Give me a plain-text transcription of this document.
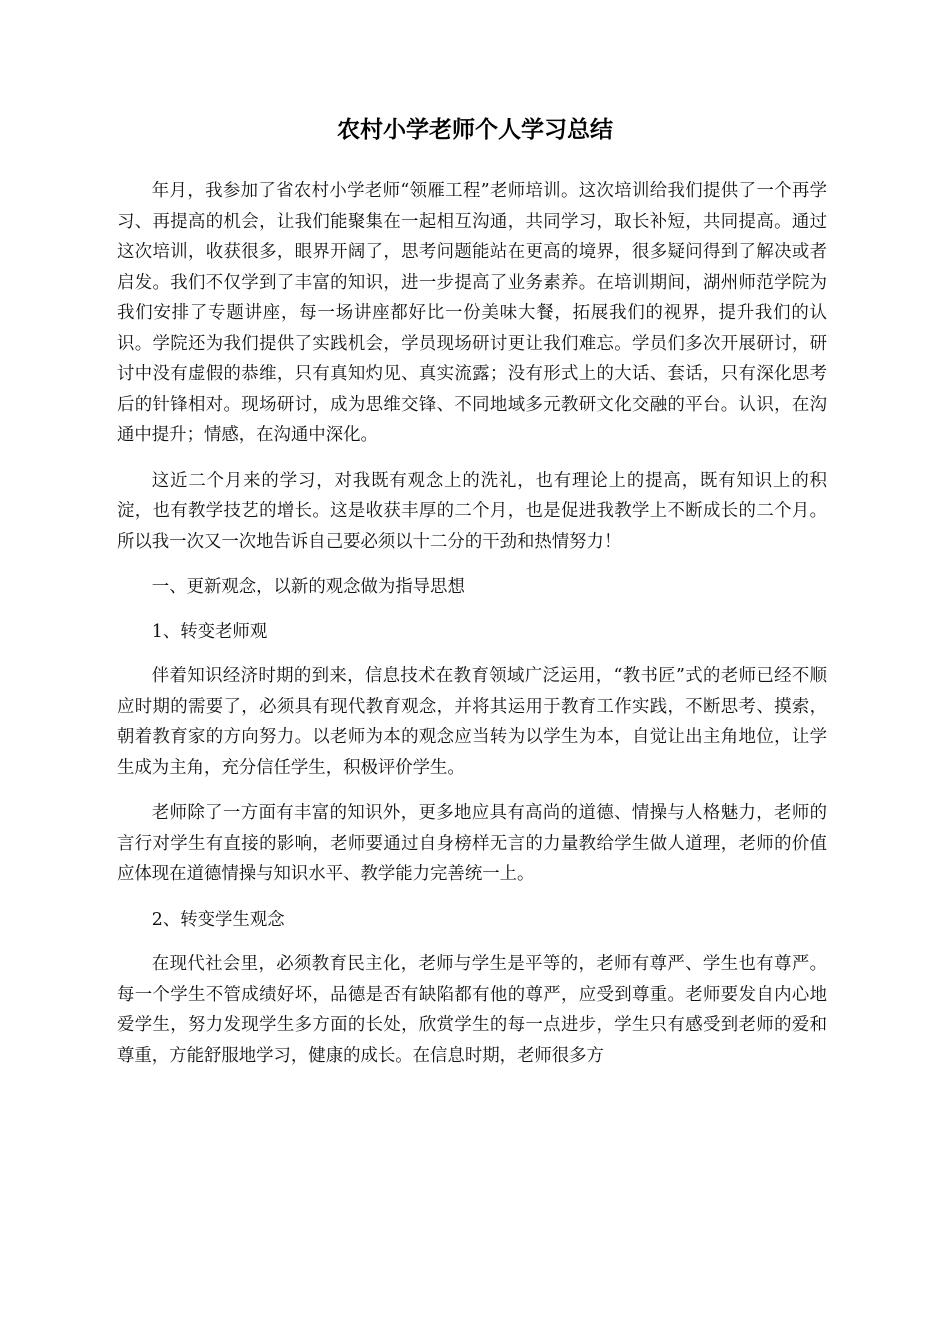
农村小学老师个人学习总结

年月，我参加了省农村小学老师“领雁工程”老师培训。这次培训给我们提供了一个再学习、再提高的机会，让我们能聚集在一起相互沟通，共同学习，取长补短，共同提高。通过这次培训，收获很多，眼界开阔了，思考问题能站在更高的境界，很多疑问得到了解决或者启发。我们不仅学到了丰富的知识，进一步提高了业务素养。在培训期间，湖州师范学院为我们安排了专题讲座，每一场讲座都好比一份美味大餐，拓展我们的视界，提升我们的认识。学院还为我们提供了实践机会，学员现场研讨更让我们难忘。学员们多次开展研讨，研讨中没有虚假的恭维，只有真知灼见、真实流露；没有形式上的大话、套话，只有深化思考后的针锋相对。现场研讨，成为思维交锋、不同地域多元教研文化交融的平台。认识，在沟通中提升；情感，在沟通中深化。

这近二个月来的学习，对我既有观念上的洗礼，也有理论上的提高，既有知识上的积淀，也有教学技艺的增长。这是收获丰厚的二个月，也是促进我教学上不断成长的二个月。所以我一次又一次地告诉自己要必须以十二分的干劲和热情努力！

一、更新观念，以新的观念做为指导思想

1、转变老师观

伴着知识经济时期的到来，信息技术在教育领域广泛运用，“教书匠”式的老师已经不顺应时期的需要了，必须具有现代教育观念，并将其运用于教育工作实践，不断思考、摸索，朝着教育家的方向努力。以老师为本的观念应当转为以学生为本，自觉让出主角地位，让学生成为主角，充分信任学生，积极评价学生。

老师除了一方面有丰富的知识外，更多地应具有高尚的道德、情操与人格魅力，老师的言行对学生有直接的影响，老师要通过自身榜样无言的力量教给学生做人道理，老师的价值应体现在道德情操与知识水平、教学能力完善统一上。

2、转变学生观念

在现代社会里，必须教育民主化，老师与学生是平等的，老师有尊严、学生也有尊严。每一个学生不管成绩好坏，品德是否有缺陷都有他的尊严，应受到尊重。老师要发自内心地爱学生，努力发现学生多方面的长处，欣赏学生的每一点进步，学生只有感受到老师的爱和尊重，方能舒服地学习，健康的成长。在信息时期，老师很多方
